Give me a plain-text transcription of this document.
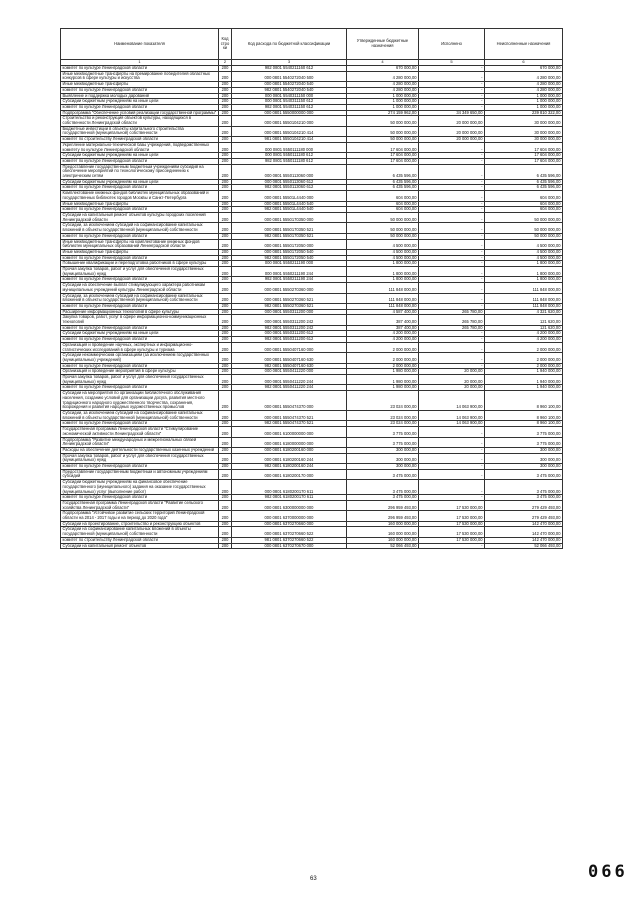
Наименование показателя	Код стро ки	Код расхода по бюджетной классификации	Утвержденные бюджетные назначения	Исполнено	Неисполненные назначения
1	2	3	4	5	6
комитет по культуре Ленинградской области	200	982 0801 5540211160 612	670 000,00	-	670 000,00
Иные межбюджетные трансферты на премирование победителей областных конкурсов в сфере культуры и искусства	200	000 0801 5540272040 500	4 280 000,00	-	4 280 000,00
Иные межбюджетные трансферты	200	000 0801 5540272040 540	4 280 000,00	-	4 280 000,00
комитет по культуре Ленинградской области	200	982 0801 5540272040 540	4 280 000,00	-	4 280 000,00
Выявление и поддержка молодых дарований	200	000 0801 5540311150 000	1 000 000,00	-	1 000 000,00
Субсидии бюджетным учреждениям на иные цели	200	000 0801 5540311150 612	1 000 000,00	-	1 000 000,00
комитет по культуре Ленинградской области	200	982 0801 5540311150 612	1 000 000,00	-	1 000 000,00
Подпрограмма "Обеспечение условий реализации государственной программы"	200	000 0801 5550000000 000	274 159 962,00	34 349 650,00	239 810 322,00
Строительство и реконструкция объектов культуры, находящихся в собственности Ленинградской области	200	000 0801 5550104210 000	50 000 000,00	20 000 000,00	30 000 000,00
Бюджетные инвестиции в объекты капитального строительства государственной (муниципальной) собственности	200	000 0801 5550104210 414	50 000 000,00	20 000 000,00	30 000 000,00
комитет по строительству Ленинградской области	200	981 0801 5550104210 414	50 000 000,00	20 000 000,00	30 000 000,00
Укрепление материально-технической базы учреждений, подведомственных комитету по культуре Ленинградской области	200	000 0801 5550111180 000	17 604 000,00	-	17 604 000,00
Субсидии бюджетным учреждениям на иные цели	200	000 0801 5550111180 612	17 604 000,00	-	17 604 000,00
комитет по культуре Ленинградской области	200	982 0801 5550111180 612	17 604 000,00	-	17 604 000,00
Предоставление государственным бюджетным учреждениям субсидий на обеспечение мероприятий по технологическому присоединению к электрическим сетям	200	000 0801 5550113060 000	6 435 596,00	-	6 435 596,00
Субсидии бюджетным учреждениям на иные цели	200	000 0801 5550113060 612	6 435 596,00	-	6 435 596,00
комитет по культуре Ленинградской области	200	982 0801 5550113060 612	6 435 596,00	-	6 435 596,00
Комплектование книжных фондов библиотек муниципальных образований и государственных библиотек городов Москвы и Санкт-Петербурга	200	000 0801 55501L4440 000	604 000,00	-	604 000,00
Иные межбюджетные трансферты	200	000 0801 55501L4440 540	604 000,00	-	604 000,00
комитет по культуре Ленинградской области	200	982 0801 55501L4440 540	604 000,00	-	604 000,00
Субсидии на капитальный ремонт объектов культуры городских поселений Ленинградской области	200	000 0801 5550170350 000	50 000 000,00	-	50 000 000,00
Субсидии, за исключением субсидий на софинансирование капитальных вложений в объекты государственной (муниципальной) собственности	200	000 0801 5550170350 521	50 000 000,00	-	50 000 000,00
комитет по культуре Ленинградской области	200	982 0801 5550170350 521	50 000 000,00	-	50 000 000,00
Иные межбюджетные трансферты на комплектование книжных фондов библиотек муниципальных образований Ленинградской области	200	000 0801 5550172050 000	4 500 000,00	-	4 500 000,00
Иные межбюджетные трансферты	200	000 0801 5550172050 540	4 500 000,00	-	4 500 000,00
комитет по культуре Ленинградской области	200	982 0801 5550172050 540	4 500 000,00	-	4 500 000,00
Повышение квалификации и переподготовка работников в сфере культуры	200	000 0801 5550211190 000	1 800 000,00	-	1 800 000,00
Прочая закупка товаров, работ и услуг для обеспечения государственных (муниципальных) нужд	200	000 0801 5550211190 244	1 800 000,00	-	1 800 000,00
комитет по культуре Ленинградской области	200	982 0801 5550211190 244	1 800 000,00	-	1 800 000,00
Субсидии на обеспечение выплат стимулирующего характера работникам муниципальных учреждений культуры Ленинградской области	200	000 0801 5550270360 000	111 848 000,00	-	111 848 000,00
Субсидии, за исключением субсидий на софинансирование капитальных вложений в объекты государственной (муниципальной) собственности	200	000 0801 5550270360 521	111 848 000,00	-	111 848 000,00
комитет по культуре Ленинградской области	200	982 0801 5550270360 521	111 848 000,00	-	111 848 000,00
Расширение информационных технологий в сфере культуры	200	000 0801 5550311200 000	4 587 400,00	265 780,00	4 321 620,00
Закупка товаров, работ, услуг в сфере информационно-коммуникационных технологий	200	000 0801 5550311200 242	387 400,00	265 780,00	121 620,00
комитет по культуре Ленинградской области	200	982 0801 5550311200 242	387 400,00	265 780,00	121 620,00
Субсидии бюджетным учреждениям на иные цели	200	000 0801 5550311200 612	4 200 000,00	-	4 200 000,00
комитет по культуре Ленинградской области	200	982 0801 5550311200 612	4 200 000,00	-	4 200 000,00
Организация и проведение научных, экспертных и информационно-статистических исследований в сфере культуры и туризма	200	000 0801 5550407160 000	2 000 000,00	-	2 000 000,00
Субсидии некоммерческим организациям (за исключением государственных (муниципальных) учреждений)	200	000 0801 5550407160 630	2 000 000,00	-	2 000 000,00
комитет по культуре Ленинградской области	200	982 0801 5550407160 630	2 000 000,00	-	2 000 000,00
Организация и проведение мероприятий в сфере культуры	200	000 0801 5550411220 000	1 980 000,00	20 000,00	1 940 000,00
Прочая закупка товаров, работ и услуг для обеспечения государственных (муниципальных) нужд	200	000 0801 5550411220 244	1 980 000,00	20 000,00	1 940 000,00
комитет по культуре Ленинградской области	200	982 0801 5550411220 244	1 980 000,00	20 000,00	1 940 000,00
Субсидии на мероприятия по организации библиотечного обслуживания населения, созданию условий для организации досуга, развития местного традиционного народного художественного творчества, сохранения, возрождения и развития народных художественных промыслов	200	000 0801 5550474370 000	23 024 000,00	14 063 900,00	8 960 100,00
Субсидии, за исключением субсидий на софинансирование капитальных вложений в объекты государственной (муниципальной) собственности	200	000 0801 5550474370 521	23 024 000,00	14 063 900,00	8 960 100,00
комитет по культуре Ленинградской области	200	982 0801 5550474370 521	23 024 000,00	14 063 900,00	8 960 100,00
Государственная программа Ленинградской области "Стимулирование экономической активности Ленинградской области"	200	000 0801 6100000000 000	3 775 000,00	-	3 775 000,00
Подпрограмма "Развитие международных и межрегиональных связей Ленинградской области"	200	000 0801 6180000000 000	3 775 000,00	-	3 775 000,00
Расходы на обеспечение деятельности государственных казенных учреждений	200	000 0801 6180200160 000	300 000,00	-	300 000,00
Прочая закупка товаров, работ и услуг для обеспечения государственных (муниципальных) нужд	200	000 0801 6180200160 244	300 000,00	-	300 000,00
комитет по культуре Ленинградской области	200	982 0801 6180200160 244	300 000,00	-	300 000,00
Предоставление государственным бюджетным и автономным учреждениям субсидий	200	000 0801 6180200170 000	3 475 000,00	-	3 475 000,00
Субсидии бюджетным учреждениям на финансовое обеспечение государственного (муниципального) задания на оказание государственных (муниципальных) услуг (выполнение работ)	200	000 0801 6180200170 611	3 475 000,00	-	3 475 000,00
комитет по культуре Ленинградской области	200	982 0801 6180200170 611	3 475 000,00	-	3 475 000,00
Государственная программа Ленинградской области "Развитие сельского хозяйства Ленинградской области"	200	000 0801 6300000000 000	296 959 493,00	17 530 000,00	279 429 493,00
Подпрограмма "Устойчивое развитие сельских территорий Ленинградской области на 2014 - 2017 годы и на период до 2020 года"	200	000 0801 6370000000 000	296 959 493,00	17 530 000,00	279 429 493,00
Субсидии на проектирование, строительство и реконструкцию объектов	200	000 0801 6370270660 000	160 000 000,00	17 530 000,00	142 470 000,00
Субсидии на софинансирование капитальных вложений в объекты государственной (муниципальной) собственности	200	000 0801 6370270660 522	160 000 000,00	17 530 000,00	142 470 000,00
комитет по строительству Ленинградской области	200	981 0801 6370270660 522	160 000 000,00	17 530 000,00	142 470 000,00
Субсидии на капитальный ремонт объектов	200	000 0801 6370270670 000	52 066 493,00	-	52 066 493,00
63	066
